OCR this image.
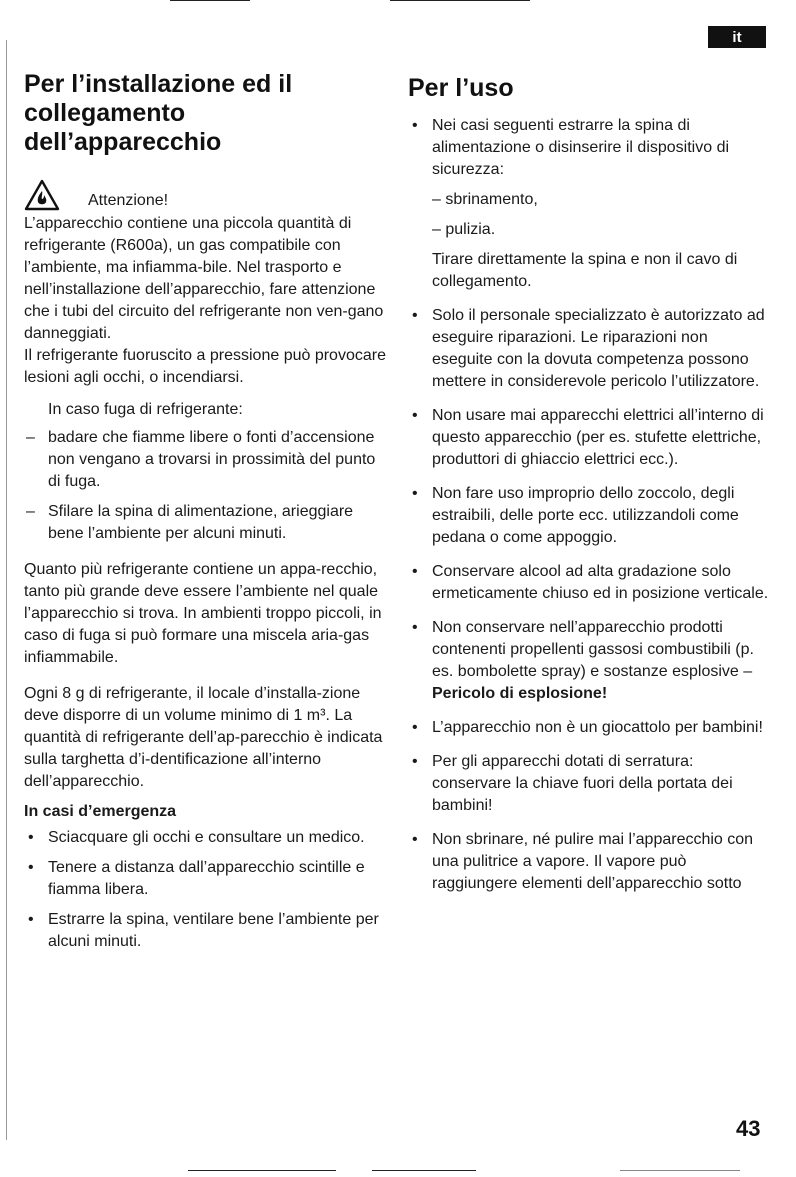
it
Per l’installazione ed il collegamento dell’apparecchio
Attenzione!

L’apparecchio contiene una piccola quantità di refrigerante (R600a), un gas compatibile con l’ambiente, ma infiamma-bile. Nel trasporto e nell’installazione dell’apparecchio, fare attenzione che i tubi del circuito del refrigerante non ven-gano danneggiati.

Il refrigerante fuoruscito a pressione può provocare lesioni agli occhi, o incendiarsi.

In caso fuga di refrigerante:

– badare che fiamme libere o fonti d’accensione non vengano a trovarsi in prossimità del punto di fuga.
– Sfilare la spina di alimentazione, arieggiare bene l’ambiente per alcuni minuti.

Quanto più refrigerante contiene un appa-recchio, tanto più grande deve essere l’ambiente nel quale l’apparecchio si trova. In ambienti troppo piccoli, in caso di fuga si può formare una miscela aria-gas infiammabile.

Ogni 8 g di refrigerante, il locale d’installa-zione deve disporre di un volume minimo di 1 m³. La quantità di refrigerante dell’ap-parecchio è indicata sulla targhetta d’i-dentificazione all’interno dell’apparecchio.

In casi d’emergenza
• Sciacquare gli occhi e consultare un medico.
• Tenere a distanza dall’apparecchio scintille e fiamma libera.
• Estrarre la spina, ventilare bene l’ambiente per alcuni minuti.
Per l’uso
• Nei casi seguenti estrarre la spina di alimentazione o disinserire il dispositivo di sicurezza:
– sbrinamento,
– pulizia.

Tirare direttamente la spina e non il cavo di collegamento.

• Solo il personale specializzato è autorizzato ad eseguire riparazioni. Le riparazioni non eseguite con la dovuta competenza possono mettere in considerevole pericolo l’utilizzatore.
• Non usare mai apparecchi elettrici all’interno di questo apparecchio (per es. stufette elettriche, produttori di ghiaccio elettrici ecc.).
• Non fare uso improprio dello zoccolo, degli estraibili, delle porte ecc. utilizzandoli come pedana o come appoggio.
• Conservare alcool ad alta gradazione solo ermeticamente chiuso ed in posizione verticale.
• Non conservare nell’apparecchio prodotti contenenti propellenti gassosi combustibili (p. es. bombolette spray) e sostanze esplosive – Pericolo di esplosione!
• L’apparecchio non è un giocattolo per bambini!
• Per gli apparecchi dotati di serratura: conservare la chiave fuori della portata dei bambini!
• Non sbrinare, né pulire mai l’apparecchio con una pulitrice a vapore. Il vapore può raggiungere elementi dell’apparecchio sotto
43
